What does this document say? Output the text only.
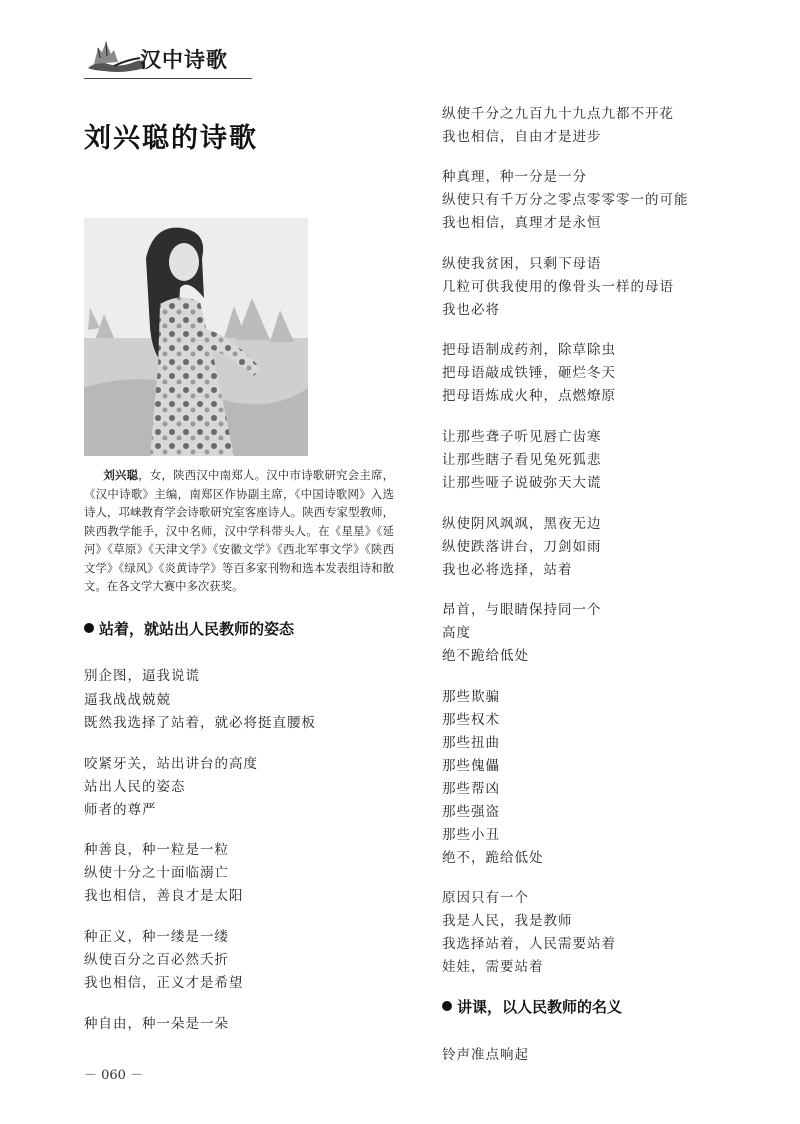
汉中诗歌
刘兴聪的诗歌
刘兴聪，女，陕西汉中南郑人。汉中市诗歌研究会主席，《汉中诗歌》主编，南郑区作协副主席，《中国诗歌网》入选诗人，邛崃教育学会诗歌研究室客座诗人。陕西专家型教师，陕西教学能手，汉中名师，汉中学科带头人。在《星星》《延河》《草原》《天津文学》《安徽文学》《西北军事文学》《陕西文学》《绿风》《炎黄诗学》等百多家刊物和选本发表组诗和散文。在各文学大赛中多次获奖。
站着，就站出人民教师的姿态
别企图，逼我说谎
逼我战战兢兢
既然我选择了站着，就必将挺直腰板
咬紧牙关，站出讲台的高度
站出人民的姿态
师者的尊严
种善良，种一粒是一粒
纵使十分之十面临溺亡
我也相信，善良才是太阳
种正义，种一缕是一缕
纵使百分之百必然夭折
我也相信，正义才是希望
种自由，种一朵是一朵
纵使千分之九百九十九点九都不开花
我也相信，自由才是进步
种真理，种一分是一分
纵使只有千万分之零点零零零一的可能
我也相信，真理才是永恒
纵使我贫困，只剩下母语
几粒可供我使用的像骨头一样的母语
我也必将
把母语制成药剂，除草除虫
把母语敲成铁锤，砸烂冬天
把母语炼成火种，点燃燎原
让那些聋子听见唇亡齿寒
让那些瞎子看见兔死狐悲
让那些哑子说破弥天大谎
纵使阴风飒飒，黑夜无边
纵使跌落讲台，刀剑如雨
我也必将选择，站着
昂首，与眼睛保持同一个
高度
绝不跪给低处
那些欺骗
那些权术
那些扭曲
那些傀儡
那些帮凶
那些强盗
那些小丑
绝不，跪给低处
原因只有一个
我是人民，我是教师
我选择站着，人民需要站着
娃娃，需要站着
讲课，以人民教师的名义
铃声准点响起
－ 060 －
